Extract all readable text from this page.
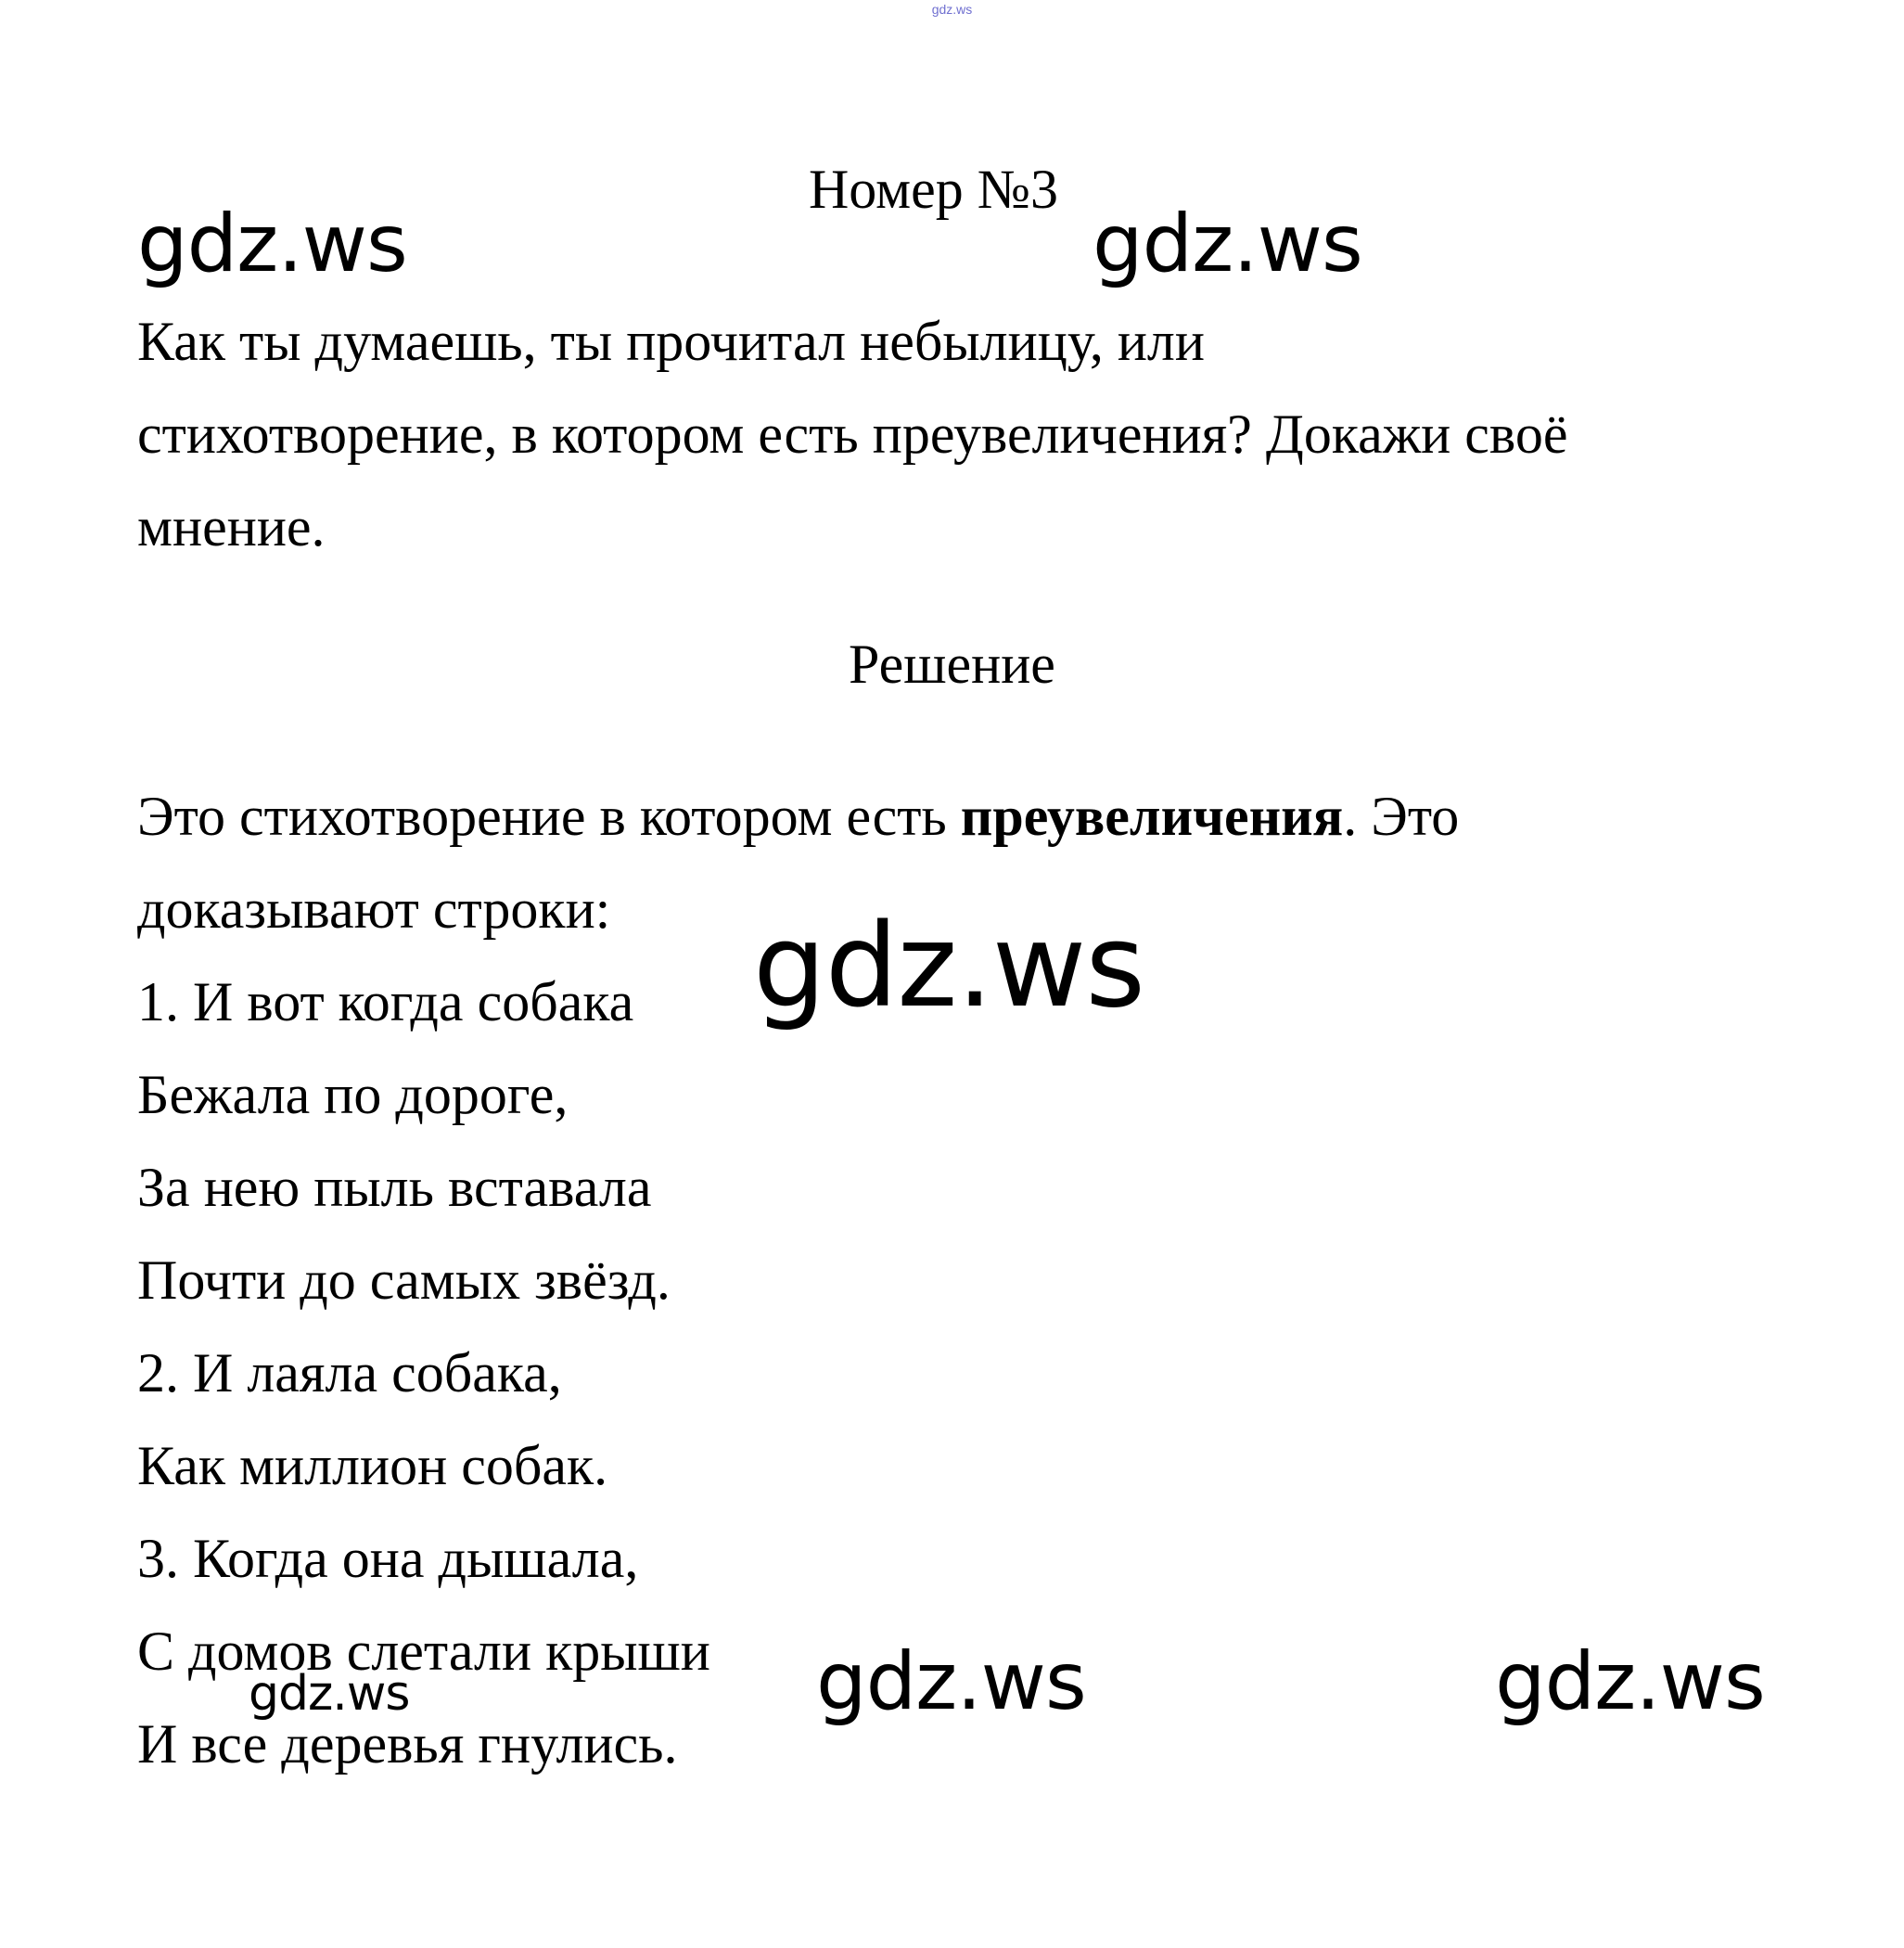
gdz.ws
Номер №3

Как ты думаешь, ты прочитал небылицу, или

стихотворение, в котором есть преувеличения? Докажи своё

мнение.

Решение

Это стихотворение в котором есть преувеличения. Это

доказывают строки:

1. И вот когда собака

Бежала по дороге,

За нею пыль вставала

Почти до самых звёзд.

2. И лаяла собака,

Как миллион собак.

3. Когда она дышала,

С домов слетали крыши

И все деревья гнулись.

gdz.ws	gdz.ws
gdz.ws
gdz.ws	gdz.ws	gdz.ws
